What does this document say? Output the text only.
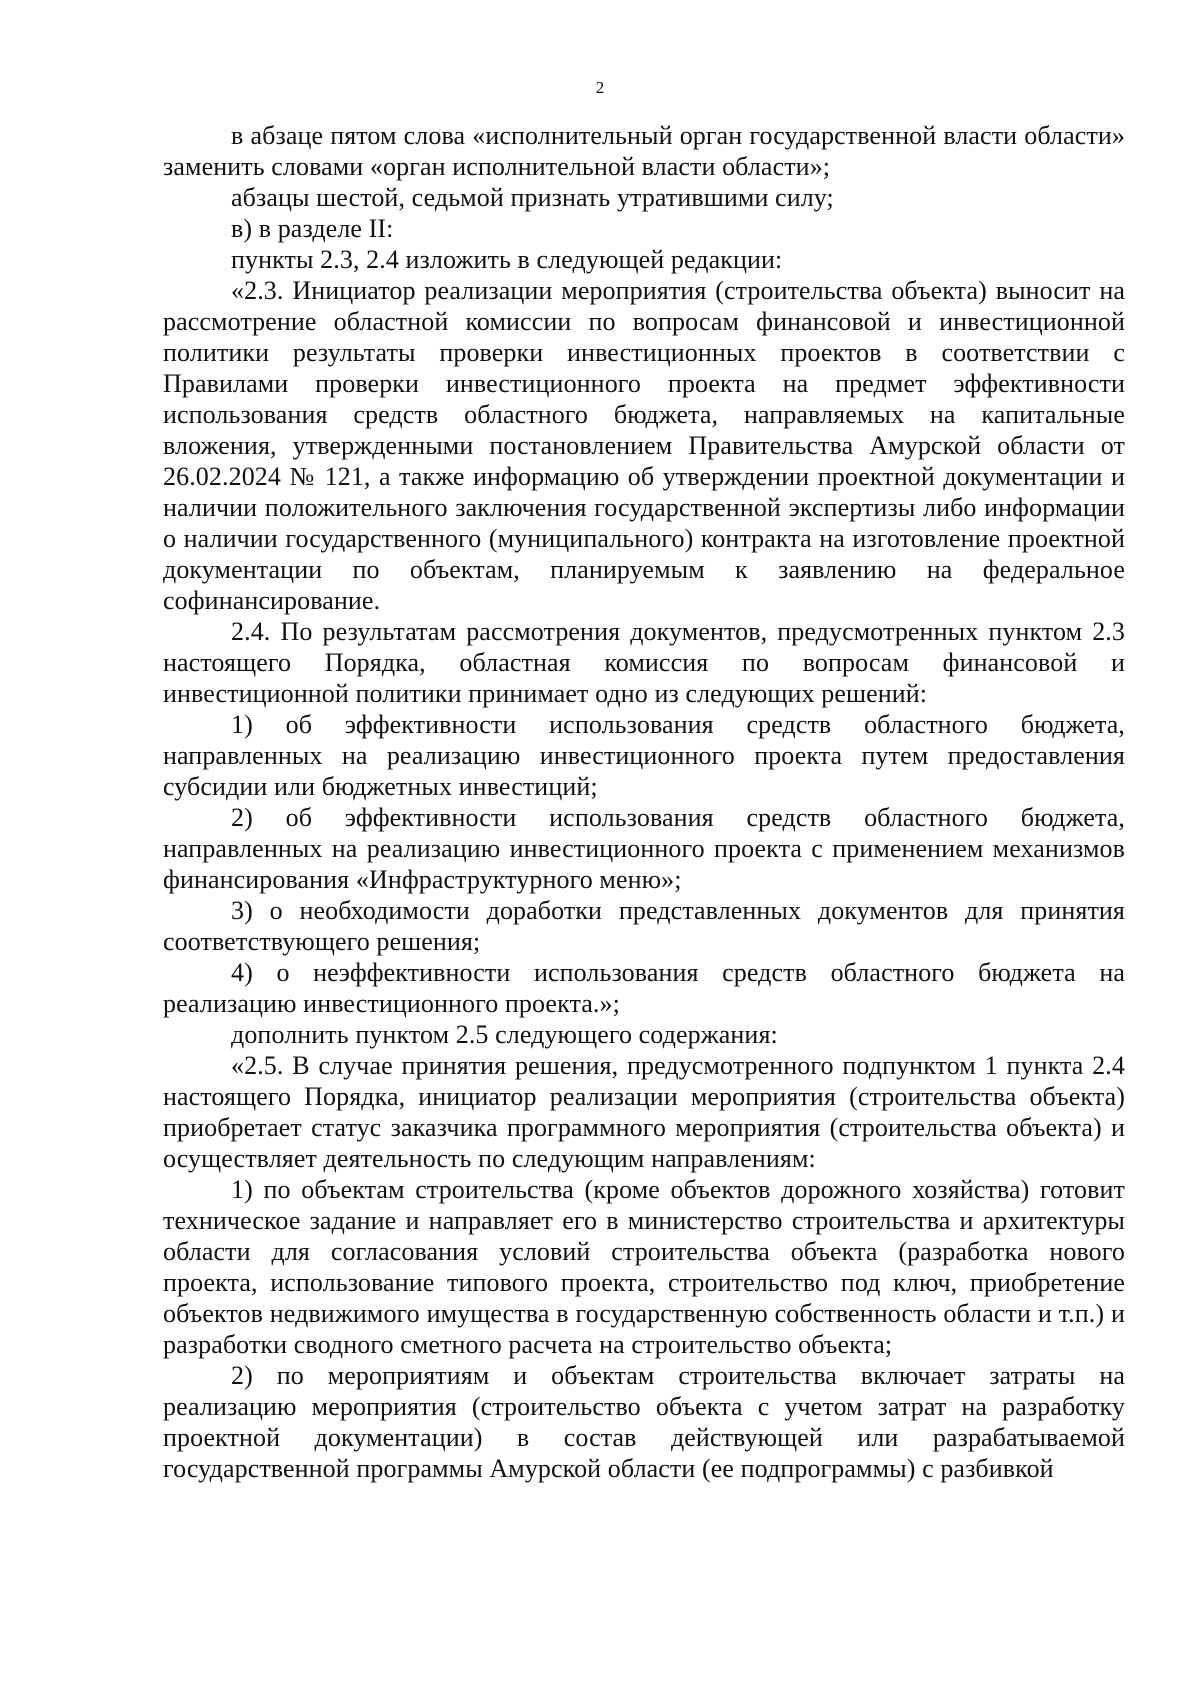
2

в абзаце пятом слова «исполнительный орган государственной власти области» заменить словами «орган исполнительной власти области»;

абзацы шестой, седьмой признать утратившими силу;

в) в разделе II:

пункты 2.3, 2.4 изложить в следующей редакции:

«2.3. Инициатор реализации мероприятия (строительства объекта) выносит на рассмотрение областной комиссии по вопросам финансовой и инвестиционной политики результаты проверки инвестиционных проектов в соответствии с Правилами проверки инвестиционного проекта на предмет эффективности использования средств областного бюджета, направляемых на капитальные вложения, утвержденными постановлением Правительства Амурской области от 26.02.2024 № 121, а также информацию об утверждении проектной документации и наличии положительного заключения государственной экспертизы либо информации о наличии государственного (муниципального) контракта на изготовление проектной документации по объектам, планируемым к заявлению на федеральное софинансирование.

2.4. По результатам рассмотрения документов, предусмотренных пунктом 2.3 настоящего Порядка, областная комиссия по вопросам финансовой и инвестиционной политики принимает одно из следующих решений:

1) об эффективности использования средств областного бюджета, направленных на реализацию инвестиционного проекта путем предоставления субсидии или бюджетных инвестиций;

2) об эффективности использования средств областного бюджета, направленных на реализацию инвестиционного проекта с применением механизмов финансирования «Инфраструктурного меню»;

3) о необходимости доработки представленных документов для принятия соответствующего решения;

4) о неэффективности использования средств областного бюджета на реализацию инвестиционного проекта.»;

дополнить пунктом 2.5 следующего содержания:

«2.5. В случае принятия решения, предусмотренного подпунктом 1 пункта 2.4 настоящего Порядка, инициатор реализации мероприятия (строительства объекта) приобретает статус заказчика программного мероприятия (строительства объекта) и осуществляет деятельность по следующим направлениям:

1) по объектам строительства (кроме объектов дорожного хозяйства) готовит техническое задание и направляет его в министерство строительства и архитектуры области для согласования условий строительства объекта (разработка нового проекта, использование типового проекта, строительство под ключ, приобретение объектов недвижимого имущества в государственную собственность области и т.п.) и разработки сводного сметного расчета на строительство объекта;

2) по мероприятиям и объектам строительства включает затраты на реализацию мероприятия (строительство объекта с учетом затрат на разработку проектной документации) в состав действующей или разрабатываемой государственной программы Амурской области (ее подпрограммы) с разбивкой
